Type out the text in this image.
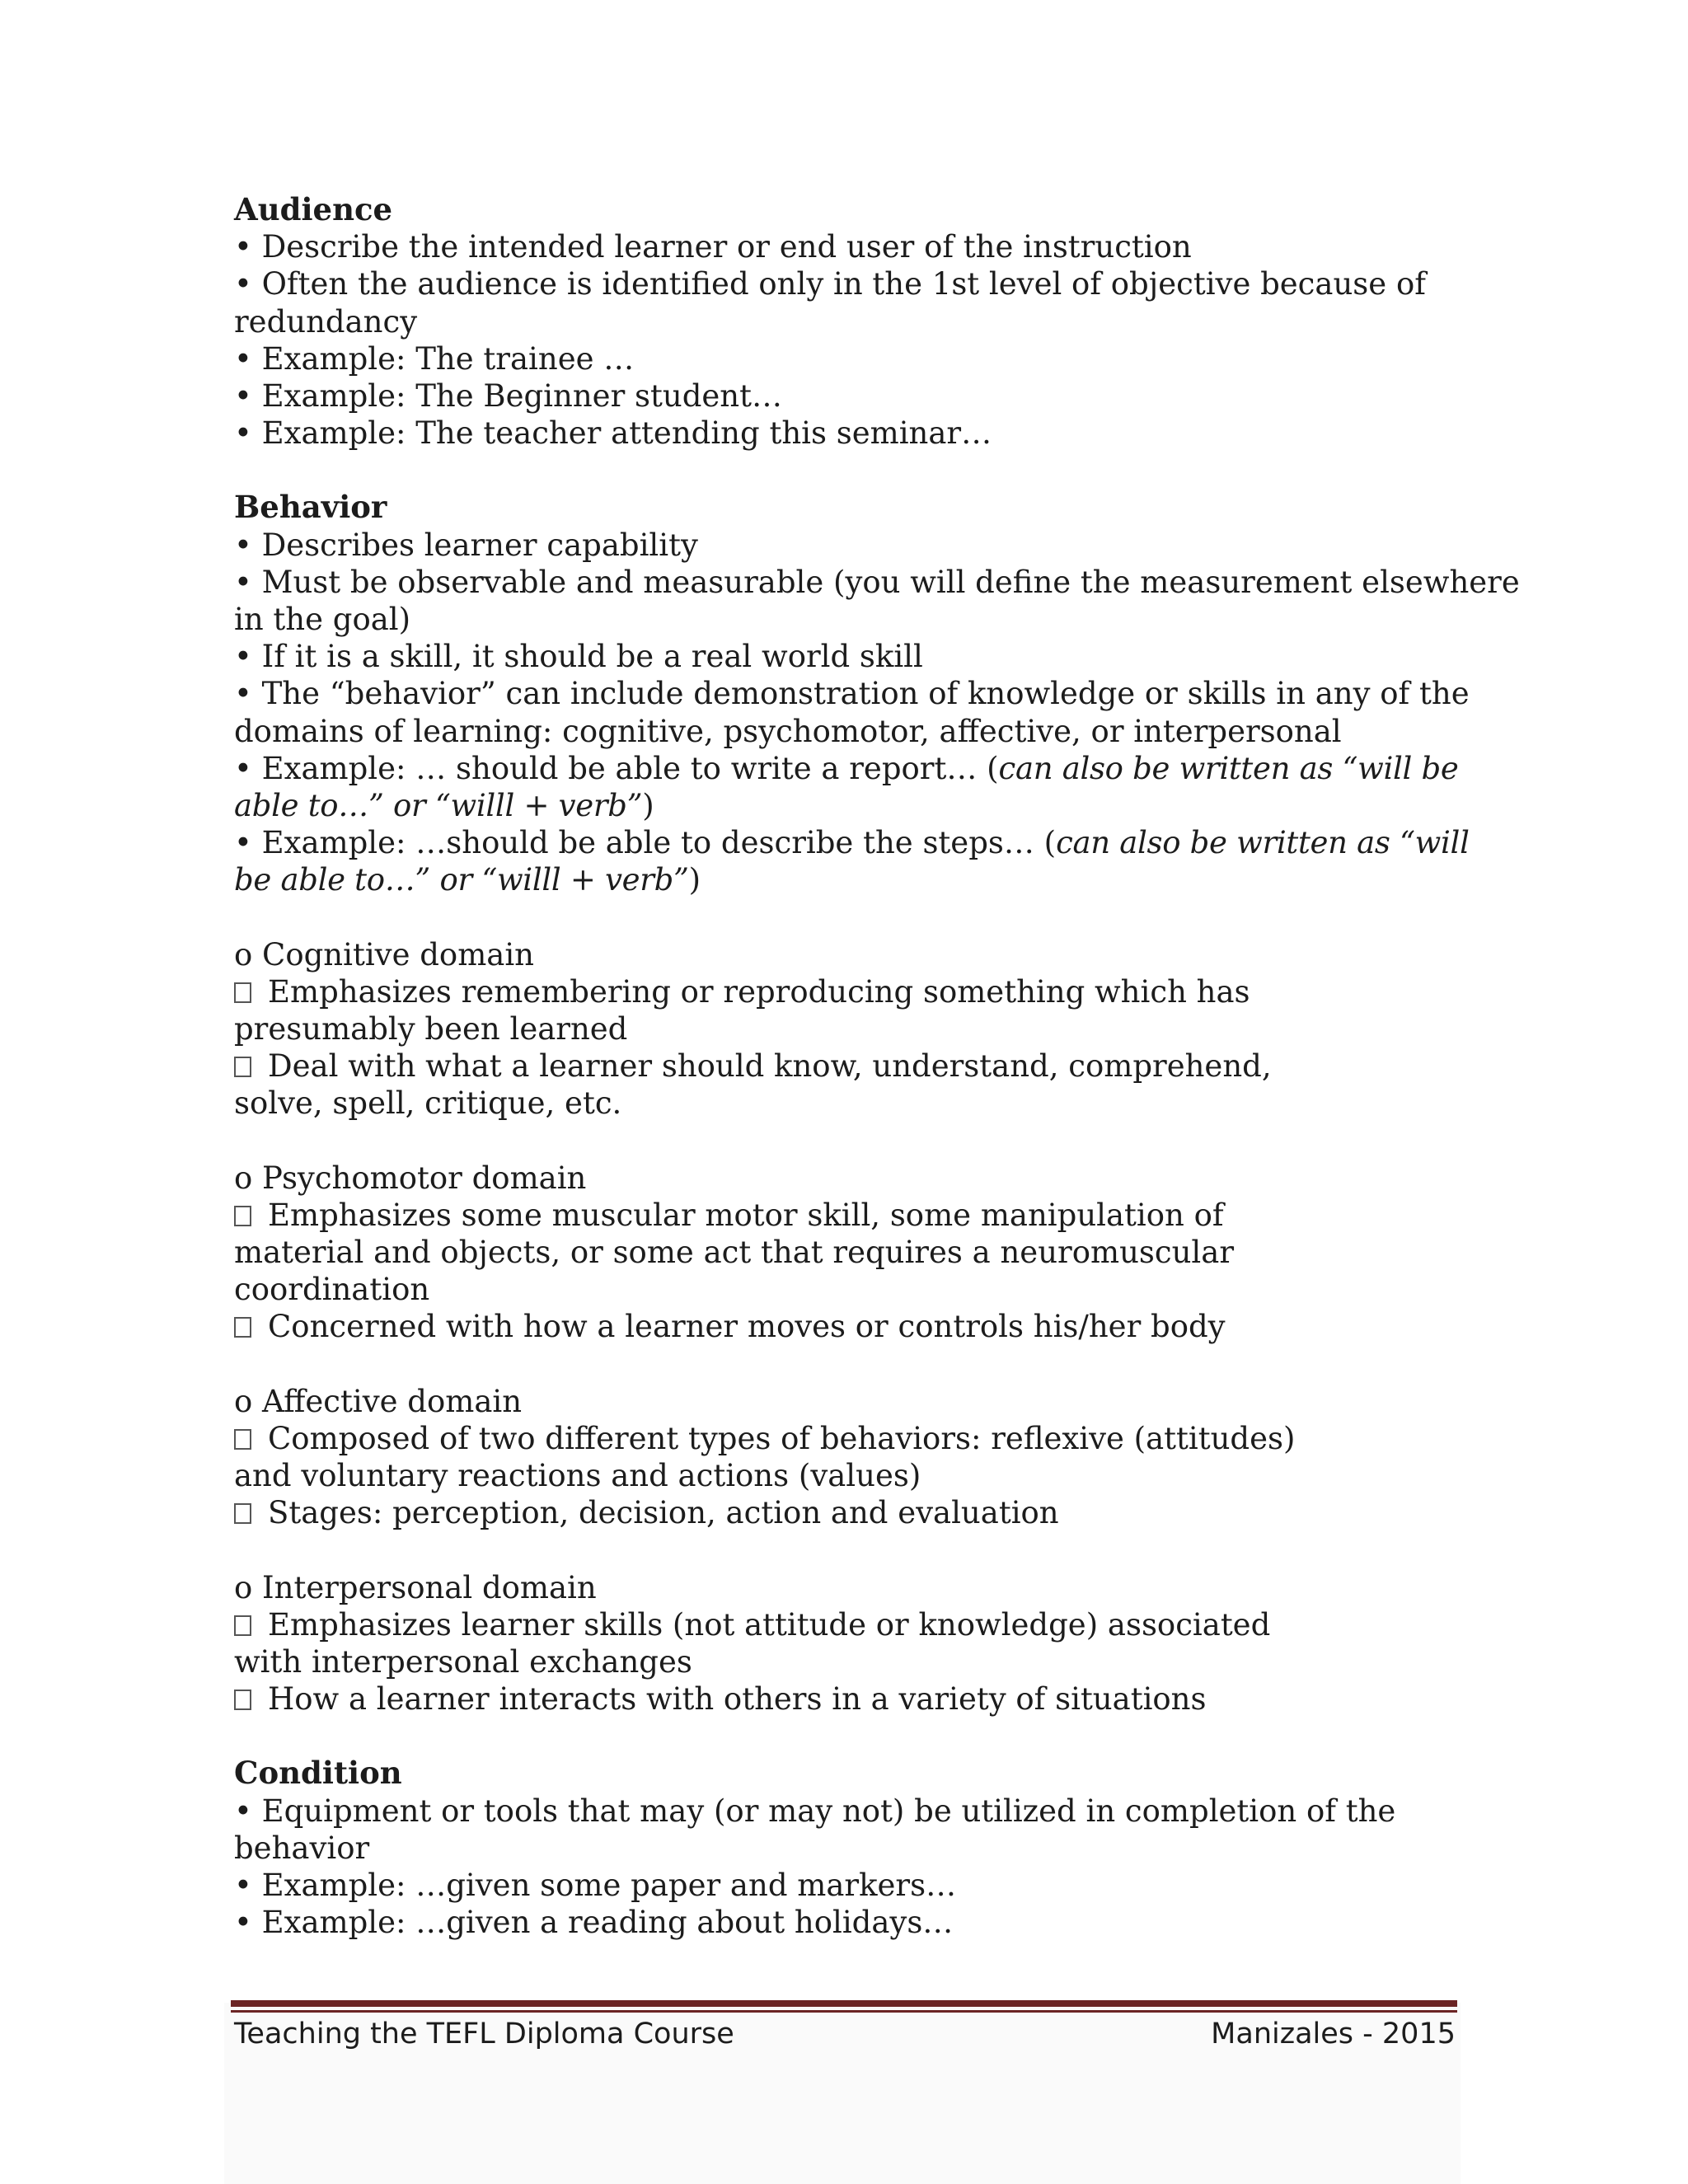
Audience
• Describe the intended learner or end user of the instruction
• Often the audience is identified only in the 1st level of objective because of
redundancy
• Example: The trainee …
• Example: The Beginner student…
• Example: The teacher attending this seminar…
Behavior
• Describes learner capability
• Must be observable and measurable (you will define the measurement elsewhere
in the goal)
• If it is a skill, it should be a real world skill
• The “behavior” can include demonstration of knowledge or skills in any of the
domains of learning: cognitive, psychomotor, affective, or interpersonal
• Example: … should be able to write a report… (can also be written as “will be
able to…” or “willl + verb”)
• Example: …should be able to describe the steps… (can also be written as “will
be able to…” or “willl + verb”)
o Cognitive domain
Emphasizes remembering or reproducing something which has
presumably been learned
Deal with what a learner should know, understand, comprehend,
solve, spell, critique, etc.
o Psychomotor domain
Emphasizes some muscular motor skill, some manipulation of
material and objects, or some act that requires a neuromuscular
coordination
Concerned with how a learner moves or controls his/her body
o Affective domain
Composed of two different types of behaviors: reflexive (attitudes)
and voluntary reactions and actions (values)
Stages: perception, decision, action and evaluation
o Interpersonal domain
Emphasizes learner skills (not attitude or knowledge) associated
with interpersonal exchanges
How a learner interacts with others in a variety of situations
Condition
• Equipment or tools that may (or may not) be utilized in completion of the
behavior
• Example: …given some paper and markers…
• Example: …given a reading about holidays…
Teaching the TEFL Diploma Course	Manizales - 2015
